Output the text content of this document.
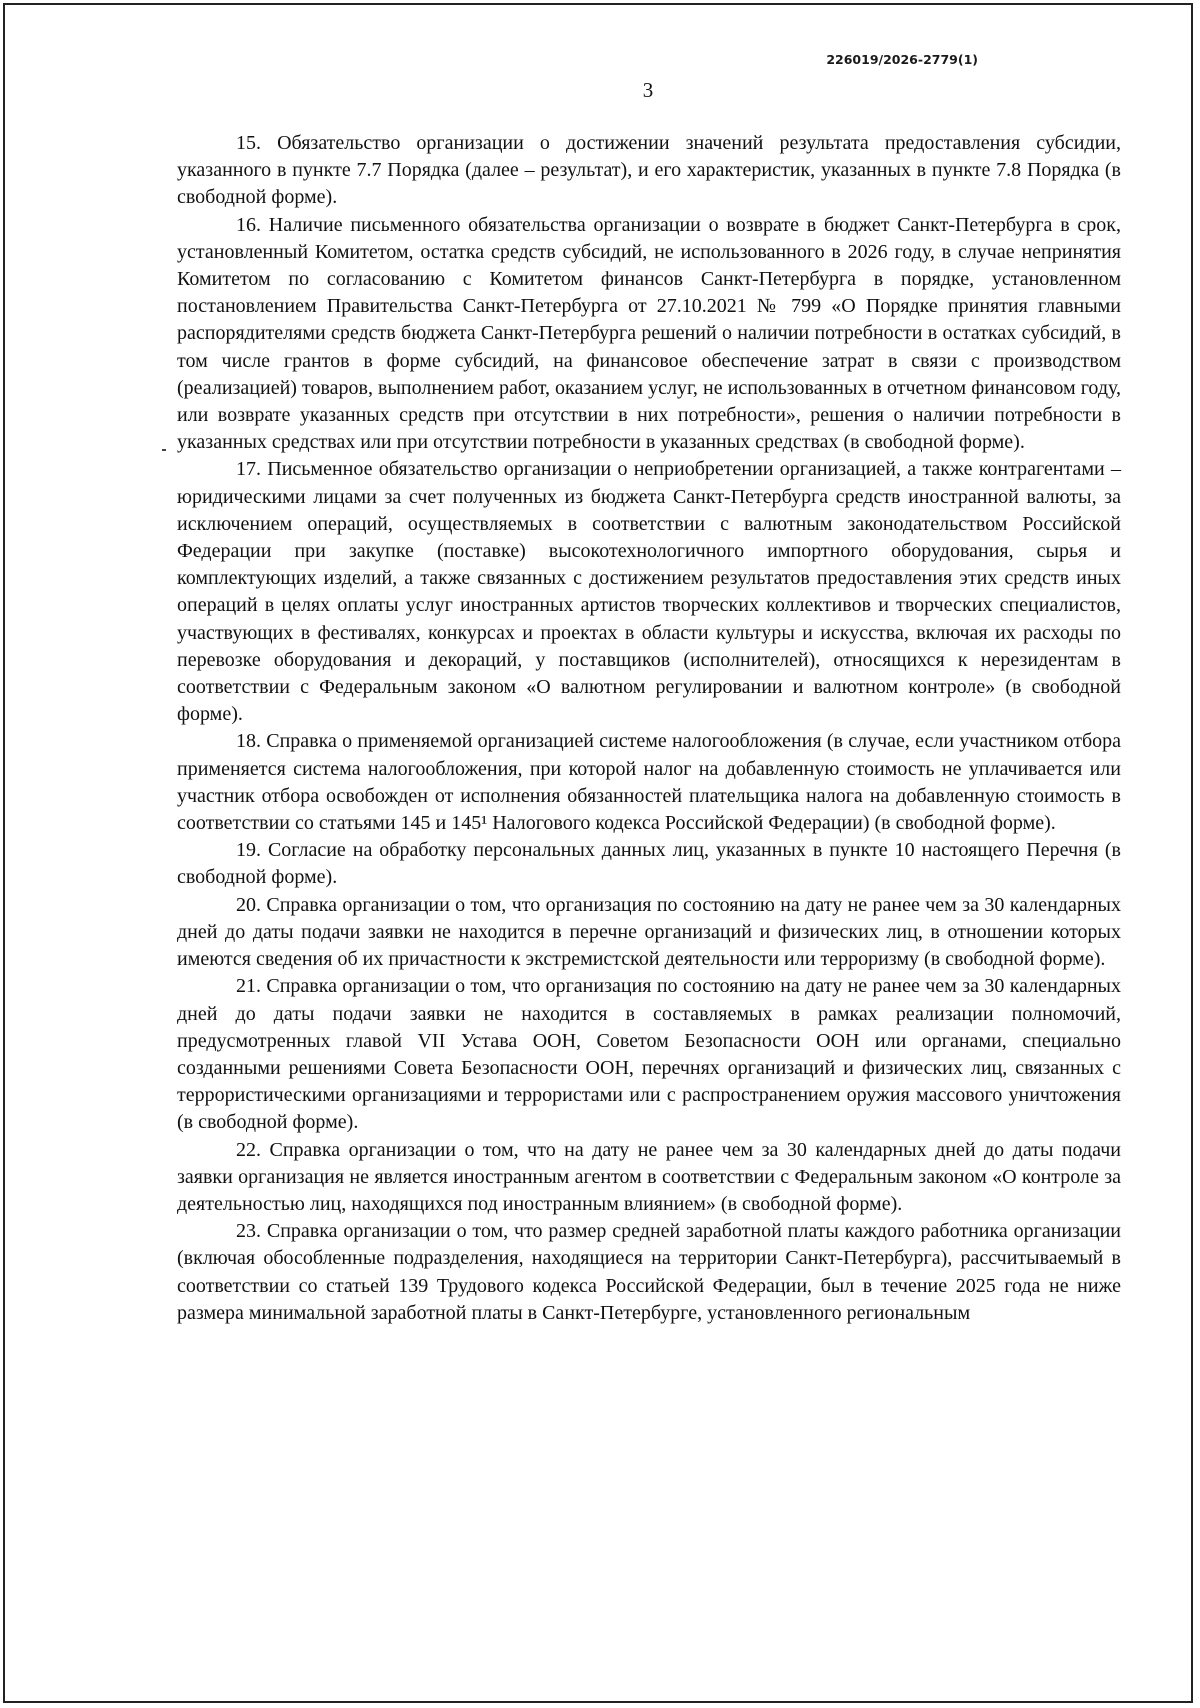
226019/2026-2779(1)
3

15. Обязательство организации о достижении значений результата предоставления субсидии, указанного в пункте 7.7 Порядка (далее – результат), и его характеристик, указанных в пункте 7.8 Порядка (в свободной форме).

16. Наличие письменного обязательства организации о возврате в бюджет Санкт-Петербурга в срок, установленный Комитетом, остатка средств субсидий, не использованного в 2026 году, в случае непринятия Комитетом по согласованию с Комитетом финансов Санкт-Петербурга в порядке, установленном постановлением Правительства Санкт-Петербурга от 27.10.2021 № 799 «О Порядке принятия главными распорядителями средств бюджета Санкт-Петербурга решений о наличии потребности в остатках субсидий, в том числе грантов в форме субсидий, на финансовое обеспечение затрат в связи с производством (реализацией) товаров, выполнением работ, оказанием услуг, не использованных в отчетном финансовом году, или возврате указанных средств при отсутствии в них потребности», решения о наличии потребности в указанных средствах или при отсутствии потребности в указанных средствах (в свободной форме).

17. Письменное обязательство организации о неприобретении организацией, а также контрагентами – юридическими лицами за счет полученных из бюджета Санкт-Петербурга средств иностранной валюты, за исключением операций, осуществляемых в соответствии с валютным законодательством Российской Федерации при закупке (поставке) высокотехнологичного импортного оборудования, сырья и комплектующих изделий, а также связанных с достижением результатов предоставления этих средств иных операций в целях оплаты услуг иностранных артистов творческих коллективов и творческих специалистов, участвующих в фестивалях, конкурсах и проектах в области культуры и искусства, включая их расходы по перевозке оборудования и декораций, у поставщиков (исполнителей), относящихся к нерезидентам в соответствии с Федеральным законом «О валютном регулировании и валютном контроле» (в свободной форме).

18. Справка о применяемой организацией системе налогообложения (в случае, если участником отбора применяется система налогообложения, при которой налог на добавленную стоимость не уплачивается или участник отбора освобожден от исполнения обязанностей плательщика налога на добавленную стоимость в соответствии со статьями 145 и 145¹ Налогового кодекса Российской Федерации) (в свободной форме).

19. Согласие на обработку персональных данных лиц, указанных в пункте 10 настоящего Перечня (в свободной форме).

20. Справка организации о том, что организация по состоянию на дату не ранее чем за 30 календарных дней до даты подачи заявки не находится в перечне организаций и физических лиц, в отношении которых имеются сведения об их причастности к экстремистской деятельности или терроризму (в свободной форме).

21. Справка организации о том, что организация по состоянию на дату не ранее чем за 30 календарных дней до даты подачи заявки не находится в составляемых в рамках реализации полномочий, предусмотренных главой VII Устава ООН, Советом Безопасности ООН или органами, специально созданными решениями Совета Безопасности ООН, перечнях организаций и физических лиц, связанных с террористическими организациями и террористами или с распространением оружия массового уничтожения (в свободной форме).

22. Справка организации о том, что на дату не ранее чем за 30 календарных дней до даты подачи заявки организация не является иностранным агентом в соответствии с Федеральным законом «О контроле за деятельностью лиц, находящихся под иностранным влиянием» (в свободной форме).

23. Справка организации о том, что размер средней заработной платы каждого работника организации (включая обособленные подразделения, находящиеся на территории Санкт-Петербурга), рассчитываемый в соответствии со статьей 139 Трудового кодекса Российской Федерации, был в течение 2025 года не ниже размера минимальной заработной платы в Санкт-Петербурге, установленного региональным
